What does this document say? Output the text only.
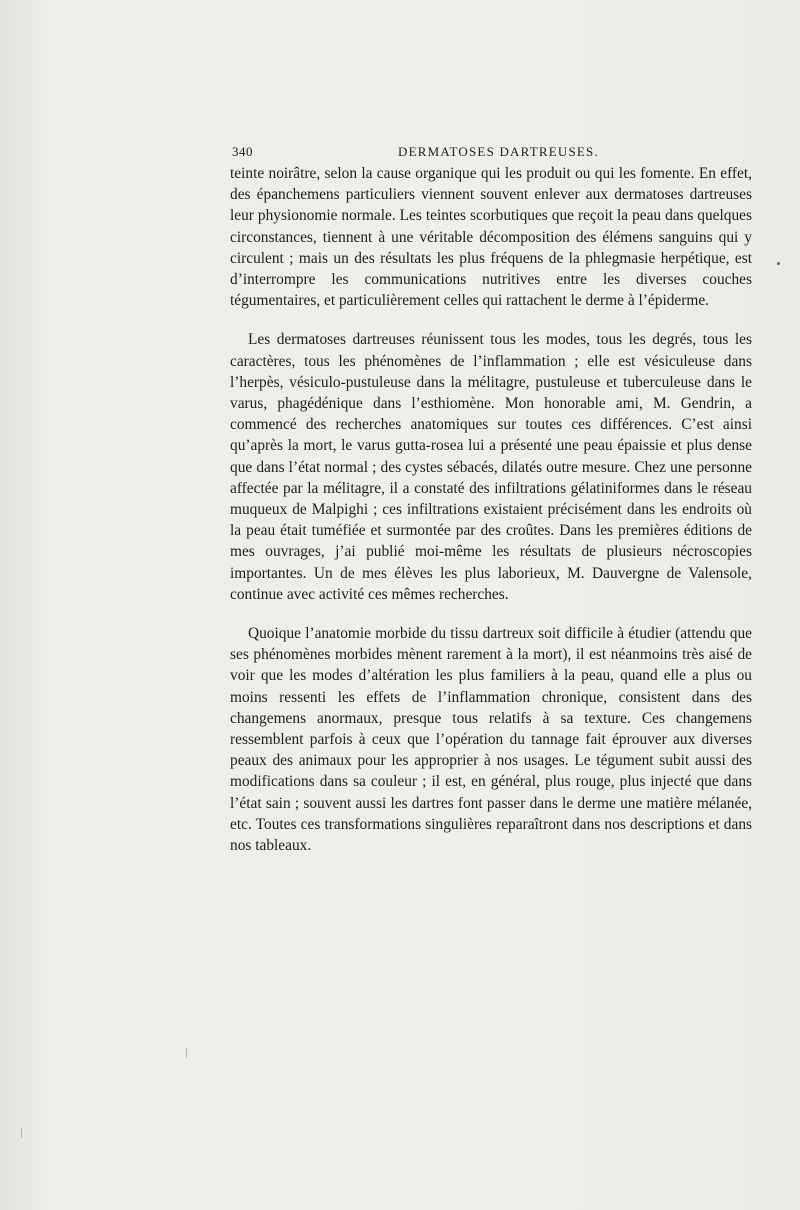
340	DERMATOSES DARTREUSES.

teinte noirâtre, selon la cause organique qui les produit ou qui les fomente. En effet, des épanchemens particuliers viennent souvent enlever aux dermatoses dartreuses leur physionomie normale. Les teintes scorbutiques que reçoit la peau dans quelques circonstances, tiennent à une véritable décomposition des élémens sanguins qui y circulent ; mais un des résultats les plus fréquens de la phlegmasie herpétique, est d’interrompre les communications nutritives entre les diverses couches tégumentaires, et particulièrement celles qui rattachent le derme à l’épiderme.

Les dermatoses dartreuses réunissent tous les modes, tous les degrés, tous les caractères, tous les phénomènes de l’inflammation ; elle est vésiculeuse dans l’herpès, vésiculo-pustuleuse dans la mélitagre, pustuleuse et tuberculeuse dans le varus, phagédénique dans l’esthiomène. Mon honorable ami, M. Gendrin, a commencé des recherches anatomiques sur toutes ces différences. C’est ainsi qu’après la mort, le varus gutta-rosea lui a présenté une peau épaissie et plus dense que dans l’état normal ; des cystes sébacés, dilatés outre mesure. Chez une personne affectée par la mélitagre, il a constaté des infiltrations gélatiniformes dans le réseau muqueux de Malpighi ; ces infiltrations existaient précisément dans les endroits où la peau était tuméfiée et surmontée par des croûtes. Dans les premières éditions de mes ouvrages, j’ai publié moi-même les résultats de plusieurs nécroscopies importantes. Un de mes élèves les plus laborieux, M. Dauvergne de Valensole, continue avec activité ces mêmes recherches.

Quoique l’anatomie morbide du tissu dartreux soit difficile à étudier (attendu que ses phénomènes morbides mènent rarement à la mort), il est néanmoins très aisé de voir que les modes d’altération les plus familiers à la peau, quand elle a plus ou moins ressenti les effets de l’inflammation chronique, consistent dans des changemens anormaux, presque tous relatifs à sa texture. Ces changemens ressemblent parfois à ceux que l’opération du tannage fait éprouver aux diverses peaux des animaux pour les approprier à nos usages. Le tégument subit aussi des modifications dans sa couleur ; il est, en général, plus rouge, plus injecté que dans l’état sain ; souvent aussi les dartres font passer dans le derme une matière mélanée, etc. Toutes ces transformations singulières reparaîtront dans nos descriptions et dans nos tableaux.
